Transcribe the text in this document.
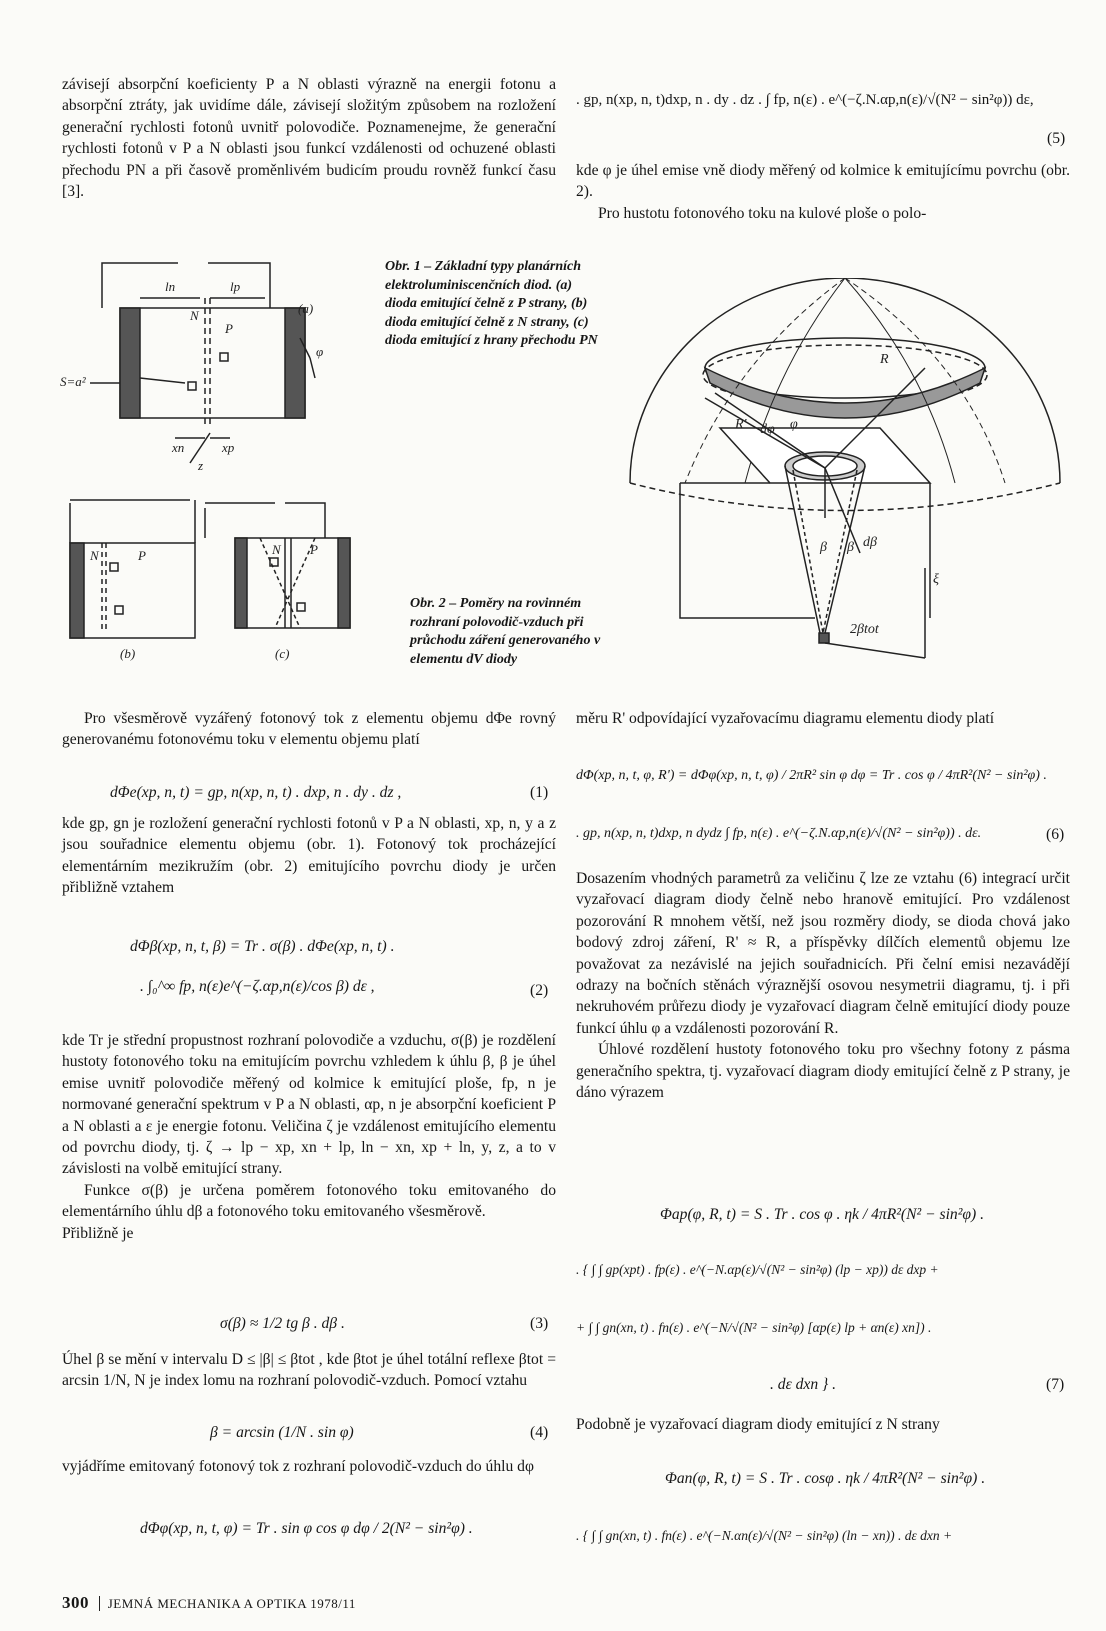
závisejí absorpční koeficienty P a N oblasti výrazně na energii fotonu a absorpční ztráty, jak uvidíme dále, závisejí složitým způsobem na rozložení generační rychlosti fotonů uvnitř polovodiče. Poznamenejme, že generační rychlosti fotonů v P a N oblasti jsou funkcí vzdálenosti od ochuzené oblasti přechodu PN a při časově proměnlivém budicím proudu rovněž funkcí času [3].

. gp, n(xp, n, t)dxp, n . dy . dz . ∫ fp, n(ε) . e^(−ζ.N.αp,n(ε)/√(N² − sin²φ)) dε,
(5)

kde φ je úhel emise vně diody měřený od kolmice k emitujícímu povrchu (obr. 2).

Pro hustotu fotonového toku na kulové ploše o polo-

N
P
ln	lp
(a)
S=a²
xn	xp
φ
z
N	P
(b)
N P
(c)
Obr. 1 – Základní typy planárních elektroluminiscenčních diod. (a) dioda emitující čelně z P strany, (b) dioda emitující čelně z N strany, (c) dioda emitující z hrany přechodu PN
Obr. 2 – Poměry na rovinném rozhraní polovodič-vzduch při průchodu záření generovaného v elementu dV diody
R
R' dφ φ
β β dβ
ξ
2βtot

Pro všesměrově vyzářený fotonový tok z elementu objemu dΦe rovný generovanému fotonovému toku v elementu objemu platí

dΦe(xp, n, t) = gp, n(xp, n, t) . dxp, n . dy . dz ,	(1)

kde gp, gn je rozložení generační rychlosti fotonů v P a N oblasti, xp, n, y a z jsou souřadnice elementu objemu (obr. 1). Fotonový tok procházející elementárním mezikružím (obr. 2) emitujícího povrchu diody je určen přibližně vztahem

dΦβ(xp, n, t, β) = Tr . σ(β) . dΦe(xp, n, t) .
. ∫₀^∞ fp, n(ε)e^(−ζ.αp,n(ε)/cos β) dε ,	(2)

kde Tr je střední propustnost rozhraní polovodiče a vzduchu, σ(β) je rozdělení hustoty fotonového toku na emitujícím povrchu vzhledem k úhlu β, β je úhel emise uvnitř polovodiče měřený od kolmice k emitující ploše, fp, n je normované generační spektrum v P a N oblasti, αp, n je absorpční koeficient P a N oblasti a ε je energie fotonu. Veličina ζ je vzdálenost emitujícího elementu od povrchu diody, tj. ζ → lp − xp, xn + lp, ln − xn, xp + ln, y, z, a to v závislosti na volbě emitující strany.

Funkce σ(β) je určena poměrem fotonového toku emitovaného do elementárního úhlu dβ a fotonového toku emitovaného všesměrově.

Přibližně je

σ(β) ≈ 1/2 tg β . dβ .	(3)

Úhel β se mění v intervalu D ≤ |β| ≤ βtot , kde βtot je úhel totální reflexe βtot = arcsin 1/N, N je index lomu na rozhraní polovodič-vzduch. Pomocí vztahu

β = arcsin (1/N . sin φ)	(4)

vyjádříme emitovaný fotonový tok z rozhraní polovodič-vzduch do úhlu dφ

dΦφ(xp, n, t, φ) = Tr . sin φ cos φ dφ / 2(N² − sin²φ) .

měru R' odpovídající vyzařovacímu diagramu elementu diody platí

dΦ(xp, n, t, φ, R') = dΦφ(xp, n, t, φ) / 2πR² sin φ dφ = Tr . cos φ / 4πR²(N² − sin²φ) .
. gp, n(xp, n, t)dxp, n dydz ∫ fp, n(ε) . e^(−ζ.N.αp,n(ε)/√(N² − sin²φ)) . dε.	(6)

Dosazením vhodných parametrů za veličinu ζ lze ze vztahu (6) integrací určit vyzařovací diagram diody čelně nebo hranově emitující. Pro vzdálenost pozorování R mnohem větší, než jsou rozměry diody, se dioda chová jako bodový zdroj záření, R' ≈ R, a příspěvky dílčích elementů objemu lze považovat za nezávislé na jejich souřadnicích. Při čelní emisi nezavádějí odrazy na bočních stěnách výraznější osovou nesymetrii diagramu, tj. i při nekruhovém průřezu diody je vyzařovací diagram čelně emitující diody pouze funkcí úhlu φ a vzdálenosti pozorování R.

Úhlové rozdělení hustoty fotonového toku pro všechny fotony z pásma generačního spektra, tj. vyzařovací diagram diody emitující čelně z P strany, je dáno výrazem

Φap(φ, R, t) = S . Tr . cos φ . ηk / 4πR²(N² − sin²φ) .
. { ∫ ∫ gp(xpt) . fp(ε) . e^(−N.αp(ε)/√(N² − sin²φ) (lp − xp)) dε dxp +
+ ∫ ∫ gn(xn, t) . fn(ε) . e^(−N/√(N² − sin²φ) [αp(ε) lp + αn(ε) xn]) .
. dε dxn } .	(7)

Podobně je vyzařovací diagram diody emitující z N strany

Φan(φ, R, t) = S . Tr . cosφ . ηk / 4πR²(N² − sin²φ) .
. { ∫ ∫ gn(xn, t) . fn(ε) . e^(−N.αn(ε)/√(N² − sin²φ) (ln − xn)) . dε dxn +
300 JEMNÁ MECHANIKA A OPTIKA 1978/11
